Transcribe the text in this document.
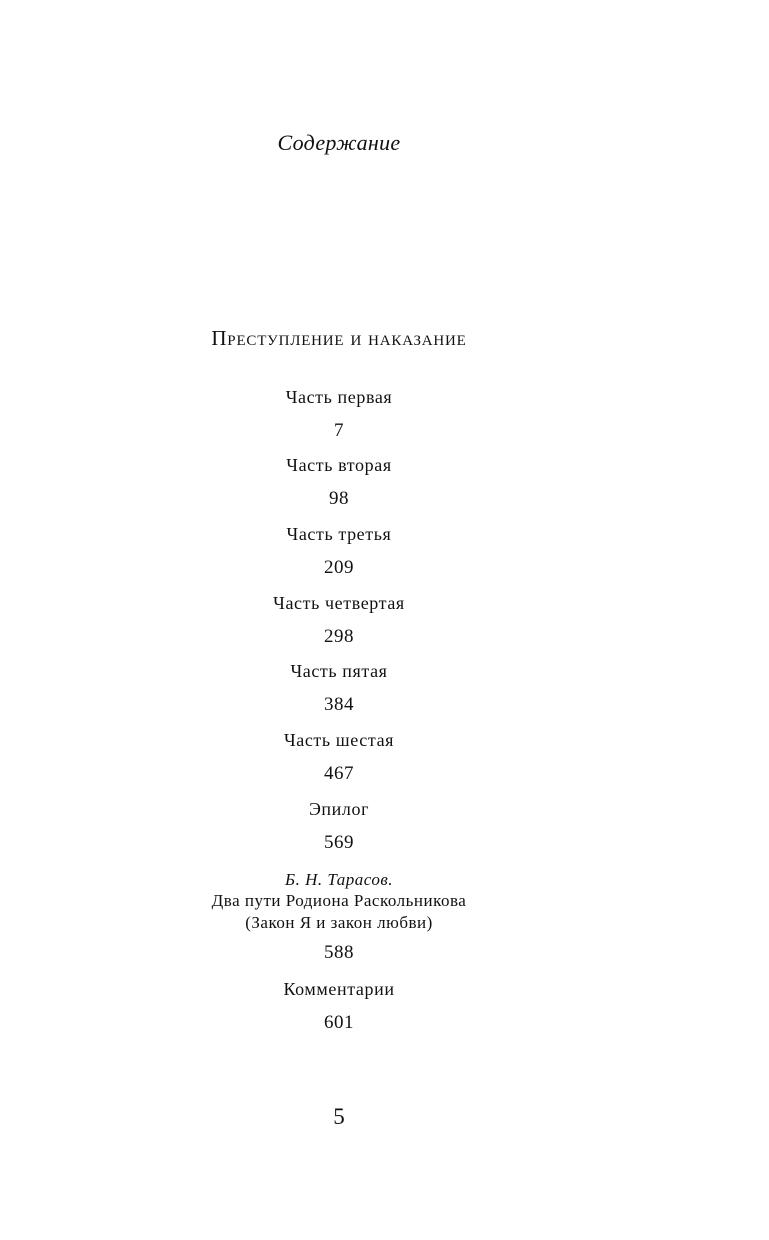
Содержание
Преступление и наказание
Часть первая
7
Часть вторая
98
Часть третья
209
Часть четвертая
298
Часть пятая
384
Часть шестая
467
Эпилог
569
Б. Н. Тарасов.
Два пути Родиона Раскольникова
(Закон Я и закон любви)
588
Комментарии
601
5
